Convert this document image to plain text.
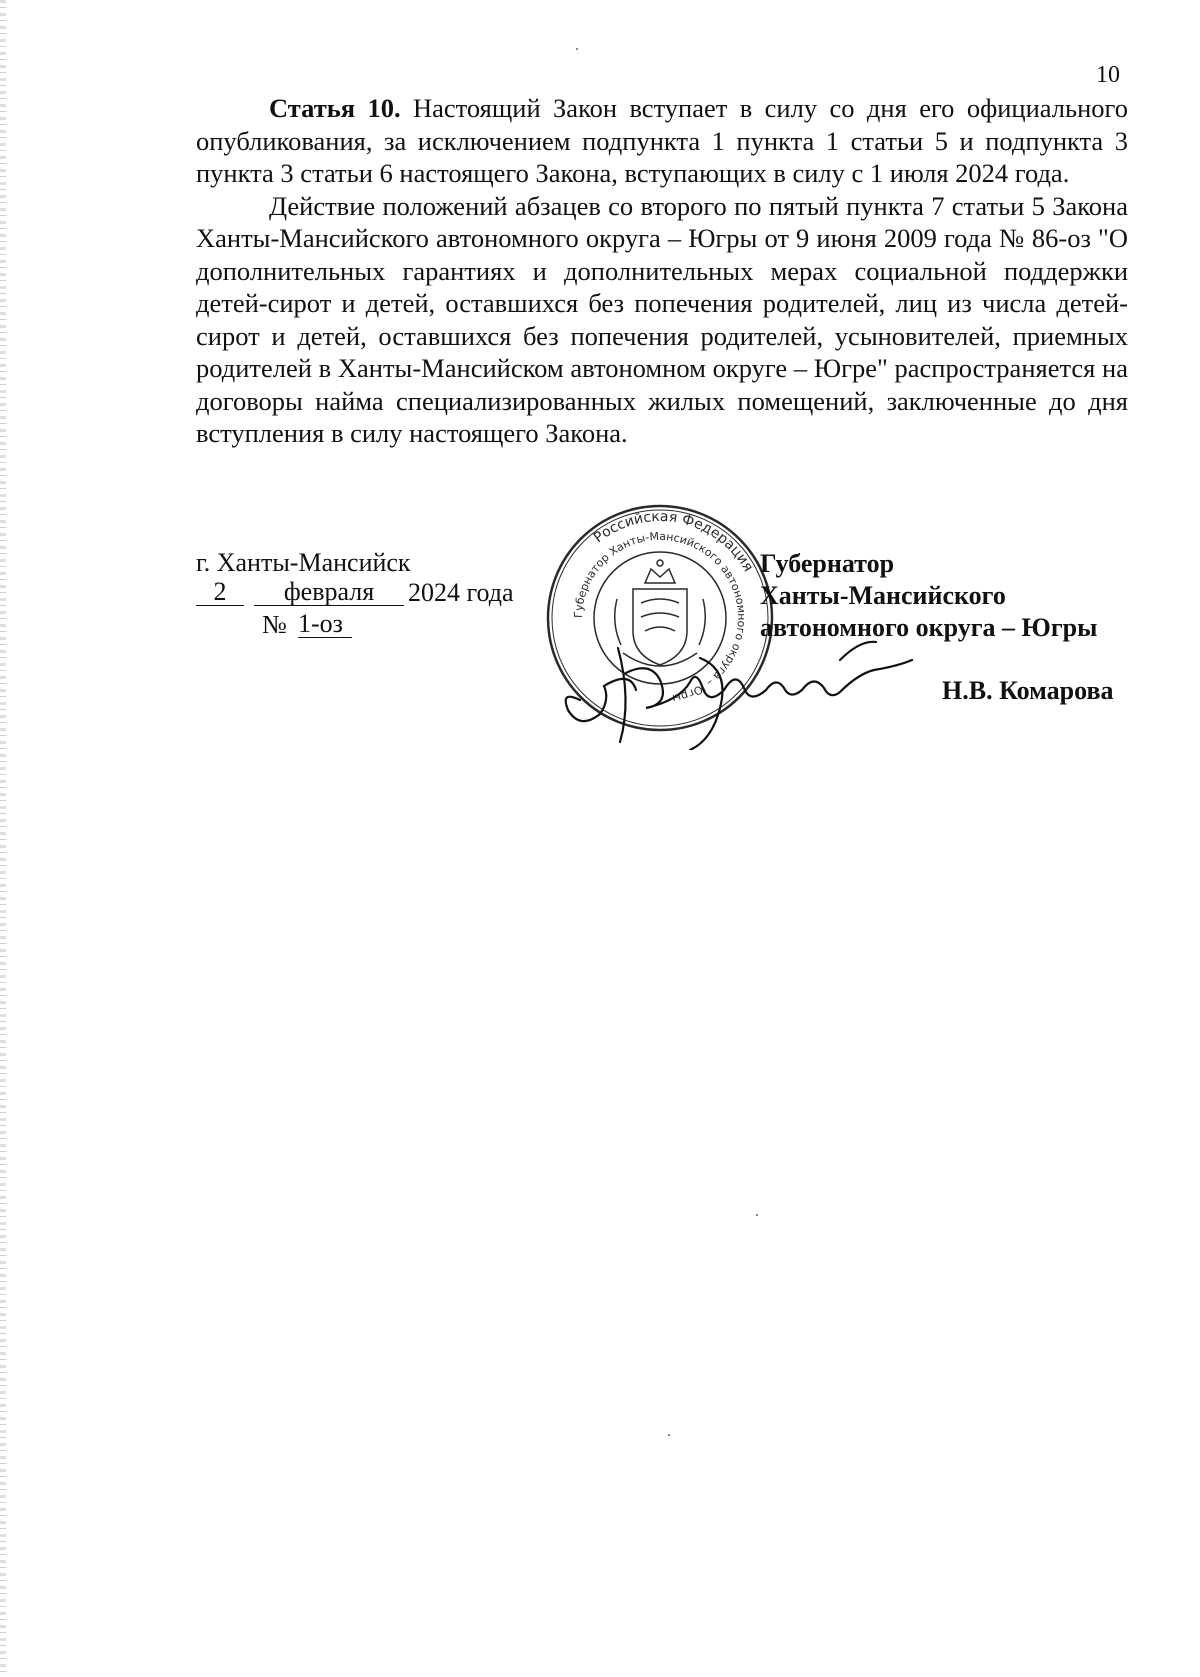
10

Статья 10. Настоящий Закон вступает в силу со дня его официального опубликования, за исключением подпункта 1 пункта 1 статьи 5 и подпункта 3 пункта 3 статьи 6 настоящего Закона, вступающих в силу с 1 июля 2024 года.

Действие положений абзацев со второго по пятый пункта 7 статьи 5 Закона Ханты-Мансийского автономного округа – Югры от 9 июня 2009 года № 86-оз "О дополнительных гарантиях и дополнительных мерах социальной поддержки детей-сирот и детей, оставшихся без попечения родителей, лиц из числа детей-сирот и детей, оставшихся без попечения родителей, усыновителей, приемных родителей в Ханты-Мансийском автономном округе – Югре" распространяется на договоры найма специализированных жилых помещений, заключенные до дня вступления в силу настоящего Закона.

г. Ханты-Мансийск
2	февраля	2024 года
№ 1-оз
Российская Федерация
Губернатор Ханты-Мансийского автономного округа – Югры
Губернатор
Ханты-Мансийского
автономного округа – Югры
Н.В. Комарова
